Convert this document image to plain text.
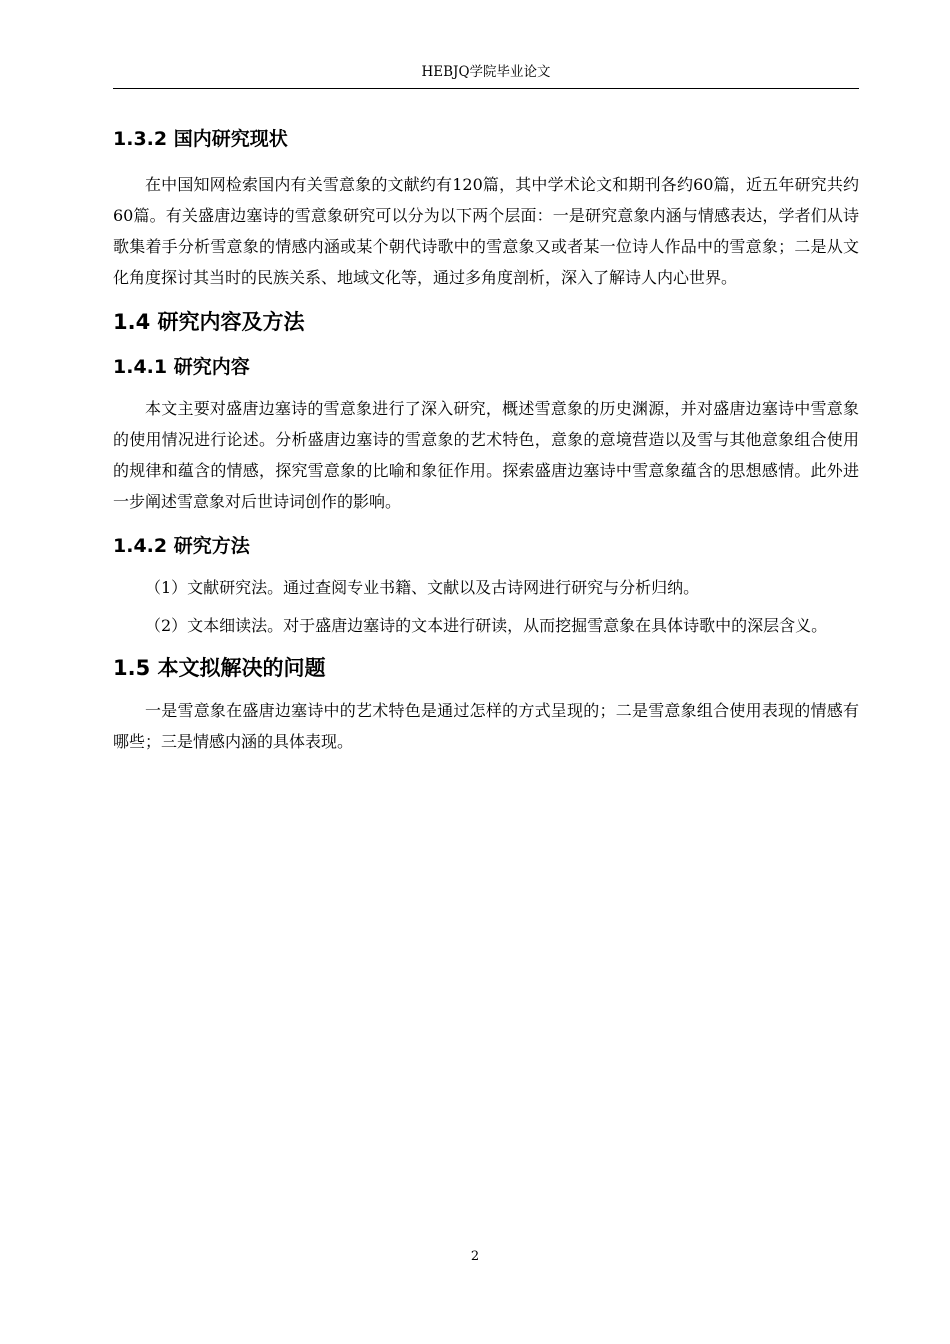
HEBJQ学院毕业论文
1.3.2 国内研究现状

在中国知网检索国内有关雪意象的文献约有120篇，其中学术论文和期刊各约60篇，近五年研究共约60篇。有关盛唐边塞诗的雪意象研究可以分为以下两个层面：一是研究意象内涵与情感表达，学者们从诗歌集着手分析雪意象的情感内涵或某个朝代诗歌中的雪意象又或者某一位诗人作品中的雪意象；二是从文化角度探讨其当时的民族关系、地域文化等，通过多角度剖析，深入了解诗人内心世界。

1.4 研究内容及方法
1.4.1 研究内容

本文主要对盛唐边塞诗的雪意象进行了深入研究，概述雪意象的历史渊源，并对盛唐边塞诗中雪意象的使用情况进行论述。分析盛唐边塞诗的雪意象的艺术特色，意象的意境营造以及雪与其他意象组合使用的规律和蕴含的情感，探究雪意象的比喻和象征作用。探索盛唐边塞诗中雪意象蕴含的思想感情。此外进一步阐述雪意象对后世诗词创作的影响。

1.4.2 研究方法

（1）文献研究法。通过查阅专业书籍、文献以及古诗网进行研究与分析归纳。

（2）文本细读法。对于盛唐边塞诗的文本进行研读，从而挖掘雪意象在具体诗歌中的深层含义。

1.5 本文拟解决的问题

一是雪意象在盛唐边塞诗中的艺术特色是通过怎样的方式呈现的；二是雪意象组合使用表现的情感有哪些；三是情感内涵的具体表现。

2
